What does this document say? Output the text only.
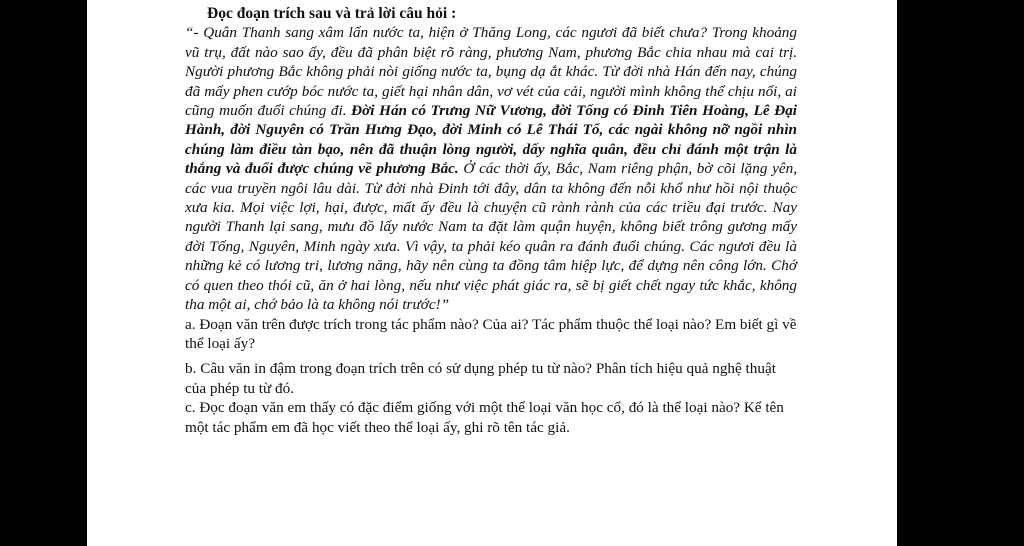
Đọc đoạn trích sau và trả lời câu hỏi :

“- Quân Thanh sang xâm lấn nước ta, hiện ở Thăng Long, các ngươi đã biết chưa? Trong khoảng vũ trụ, đất nào sao ấy, đều đã phân biệt rõ ràng, phương Nam, phương Bắc chia nhau mà cai trị. Người phương Bắc không phải nòi giống nước ta, bụng dạ ắt khác. Từ đời nhà Hán đến nay, chúng đã mấy phen cướp bóc nước ta, giết hại nhân dân, vơ vét của cải, người mình không thể chịu nổi, ai cũng muốn đuổi chúng đi. Đời Hán có Trưng Nữ Vương, đời Tống có Đinh Tiên Hoàng, Lê Đại Hành, đời Nguyên có Trần Hưng Đạo, đời Minh có Lê Thái Tổ, các ngài không nỡ ngồi nhìn chúng làm điều tàn bạo, nên đã thuận lòng người, dấy nghĩa quân, đều chỉ đánh một trận là thắng và đuổi được chúng về phương Bắc. Ở các thời ấy, Bắc, Nam riêng phận, bờ cõi lặng yên, các vua truyền ngôi lâu dài. Từ đời nhà Đinh tới đây, dân ta không đến nỗi khổ như hồi nội thuộc xưa kia. Mọi việc lợi, hại, được, mất ấy đều là chuyện cũ rành rành của các triều đại trước. Nay người Thanh lại sang, mưu đồ lấy nước Nam ta đặt làm quận huyện, không biết trông gương mấy đời Tống, Nguyên, Minh ngày xưa. Vì vậy, ta phải kéo quân ra đánh đuổi chúng. Các ngươi đều là những kẻ có lương tri, lương năng, hãy nên cùng ta đồng tâm hiệp lực, để dựng nên công lớn. Chớ có quen theo thói cũ, ăn ở hai lòng, nếu như việc phát giác ra, sẽ bị giết chết ngay tức khắc, không tha một ai, chớ bảo là ta không nói trước!”

a. Đoạn văn trên được trích trong tác phẩm nào? Của ai? Tác phẩm thuộc thể loại nào? Em biết gì về thể loại ấy?

b. Câu văn in đậm trong đoạn trích trên có sử dụng phép tu từ nào? Phân tích hiệu quả nghệ thuật của phép tu từ đó.

c. Đọc đoạn văn em thấy có đặc điểm giống với một thể loại văn học cổ, đó là thể loại nào? Kể tên một tác phẩm em đã học viết theo thể loại ấy, ghi rõ tên tác giả.
